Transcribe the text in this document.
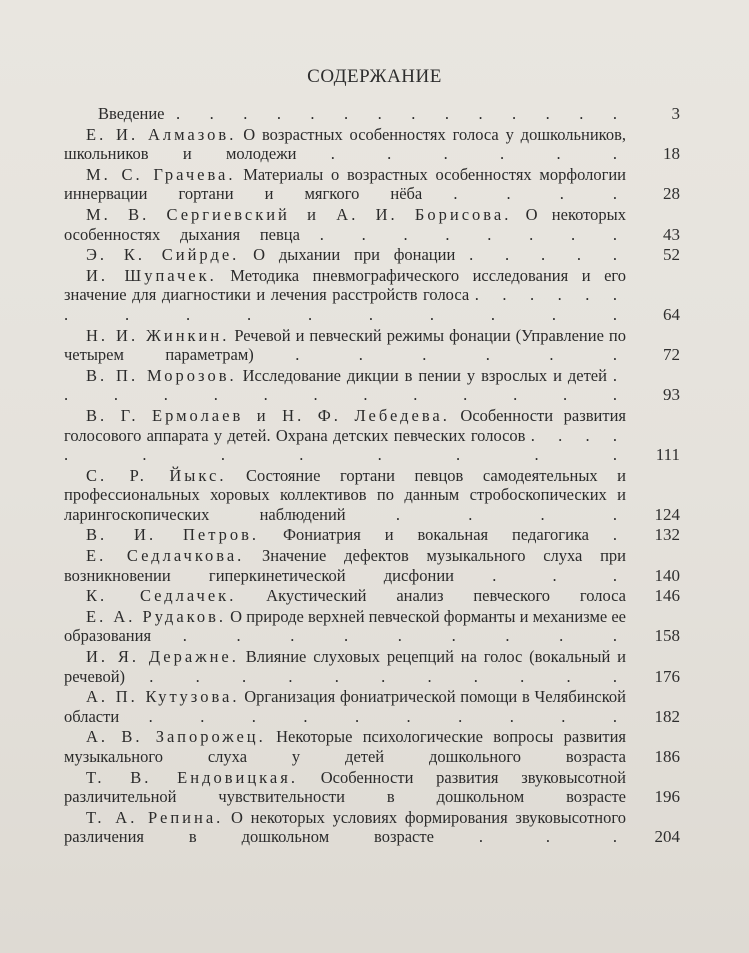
СОДЕРЖАНИЕ
Введение . . . . . . . . . . . . . .	3
Е. И. Алмазов. О возрастных особенностях голоса у дошкольников, школьников и молодежи . . . . . .	18
М. С. Грачева. Материалы о возрастных особенностях морфологии иннервации гортани и мягкого нёба . . . .	28
М. В. Сергиевский и А. И. Борисова. О некоторых особенностях дыхания певца . . . . . . . .	43
Э. К. Сийрде. О дыхании при фонации . . . . .	52
И. Шупачек. Методика пневмографического исследования и его значение для диагностики и лечения расстройств голоса . . . . . . . . . . . . . . . .	64
Н. И. Жинкин. Речевой и певческий режимы фонации (Управление по четырем параметрам)	. . . . . .	72
В. П. Морозов. Исследование дикции в пении у взрослых и детей . . . . . . . . . . . . .	93
В. Г. Ермолаев и Н. Ф. Лебедева. Особенности развития голосового аппарата у детей. Охрана детских певческих голосов . . . . . . . . . . . .	111
С. Р. Йыкс. Состояние гортани певцов самодеятельных и профессиональных хоровых коллективов по данным стробоскопических и ларингоскопических наблюдений	. . . .	124
В. И. Петров. Фониатрия и вокальная педагогика .	132
Е. Седлачкова. Значение дефектов музыкального слуха при возникновении гиперкинетической дисфонии . . .	140
К. Седлачек. Акустический анализ певческого голоса	146
Е. А. Рудаков. О природе верхней певческой форманты и механизме ее образования . . . . . . . . .	158
И. Я. Деражне. Влияние слуховых рецепций на голос (вокальный и речевой) . . . . . . . . . . .	176
А. П. Кутузова. Организация фониатрической помощи в Челябинской области . . . . . . . . . .	182
А. В. Запорожец. Некоторые психологические вопросы развития музыкального слуха у детей дошкольного возраста	186
Т. В. Ендовицкая. Особенности развития звуковысотной различительной чувствительности в дошкольном возрасте	196
Т. А. Репина. О некоторых условиях формирования звуковысотного различения в дошкольном возрасте	. . .	204
